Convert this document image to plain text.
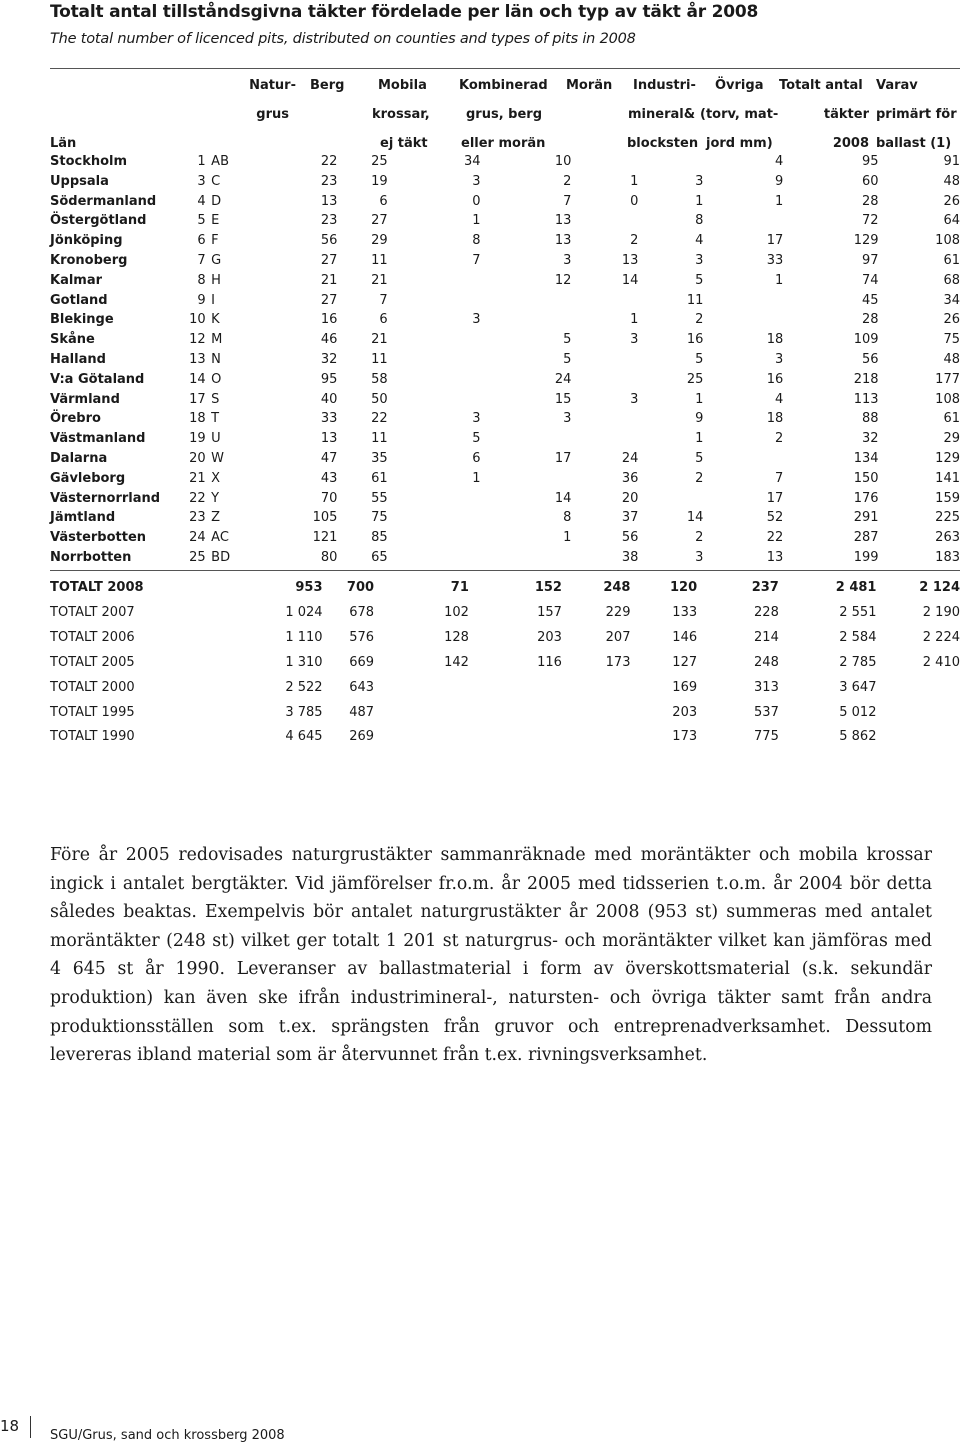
Totalt antal tillståndsgivna täkter fördelade per län och typ av täkt år 2008
The total number of licenced pits, distributed on counties and types of pits in 2008
Natur-
grus
Berg	Mobila
krossar,
ej täkt
Kombinerad
grus, berg
eller morän
Morän Industri-
mineral&
blocksten
Övriga
(torv, mat-
jord mm)
Totalt antal
täkter
2008
Varav
primärt för
ballast (1)
Län
Stockholm	1		AB	22	25	34	10			4	95	91
Uppsala	3		C	23	19	3	2	1	3	9	60	48
Södermanland	4		D	13	6	0	7	0	1	1	28	26
Östergötland	5		E	23	27	1	13		8		72	64
Jönköping	6		F	56	29	8	13	2	4	17	129	108
Kronoberg	7		G	27	11	7	3	13	3	33	97	61
Kalmar	8		H	21	21		12	14	5	1	74	68
Gotland	9		I	27	7				11		45	34
Blekinge	10		K	16	6	3		1	2		28	26
Skåne	12		M	46	21		5	3	16	18	109	75
Halland	13		N	32	11		5		5	3	56	48
V:a Götaland	14		O	95	58		24		25	16	218	177
Värmland	17		S	40	50		15	3	1	4	113	108
Örebro	18		T	33	22	3	3		9	18	88	61
Västmanland	19		U	13	11	5			1	2	32	29
Dalarna	20		W	47	35	6	17	24	5		134	129
Gävleborg	21		X	43	61	1		36	2	7	150	141
Västernorrland	22		Y	70	55		14	20		17	176	159
Jämtland	23		Z	105	75		8	37	14	52	291	225
Västerbotten	24		AC	121	85		1	56	2	22	287	263
Norrbotten	25		BD	80	65			38	3	13	199	183
TOTALT 2008	953	700	71	152	248	120	237	2 481	2 124
TOTALT 2007	1 024	678	102	157	229	133	228	2 551	2 190
TOTALT 2006	1 110	576	128	203	207	146	214	2 584	2 224
TOTALT 2005	1 310	669	142	116	173	127	248	2 785	2 410
TOTALT 2000	2 522	643				169	313	3 647	
TOTALT 1995	3 785	487				203	537	5 012	
TOTALT 1990	4 645	269				173	775	5 862	

Före år 2005 redovisades naturgrustäkter sammanräknade med moräntäkter och mobila krossar ingick i antalet bergtäkter. Vid jämförelser fr.o.m. år 2005 med tidsserien t.o.m. år 2004 bör detta således beaktas. Exempelvis bör antalet naturgrustäkter år 2008 (953 st) summeras med antalet moräntäkter (248 st) vilket ger totalt 1 201 st naturgrus- och moräntäkter vilket kan jämföras med 4 645 st år 1990. Leveranser av ballastmaterial i form av överskottsmaterial (s.k. sekundär produktion) kan även ske ifrån industrimineral-, natursten- och övriga täkter samt från andra produktionsställen som t.ex. sprängsten från gruvor och entreprenadverksamhet. Dessutom levereras ibland material som är återvunnet från t.ex. rivningsverksamhet.

18
SGU/Grus, sand och krossberg 2008
